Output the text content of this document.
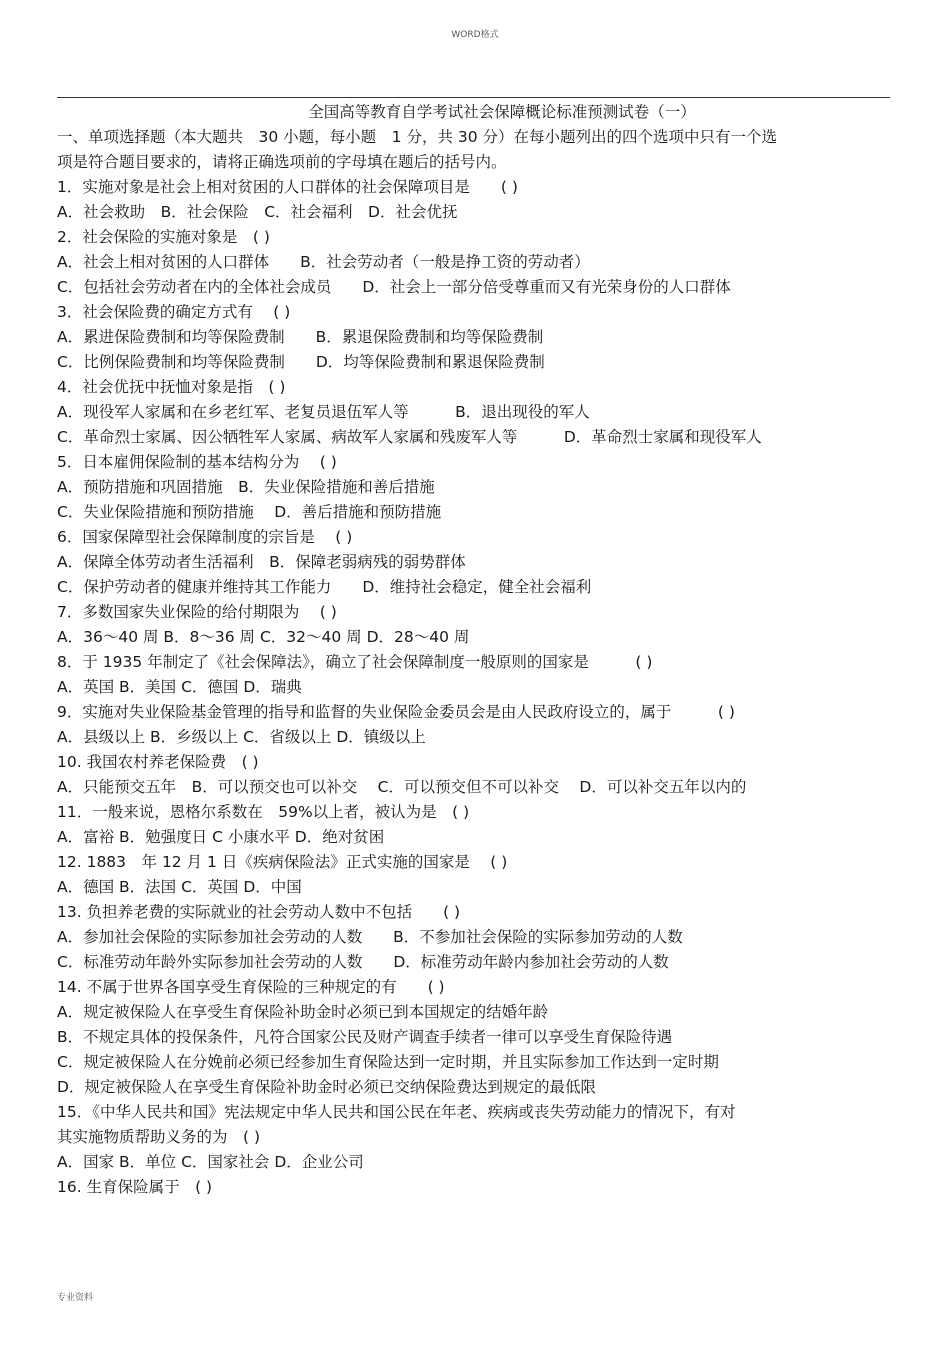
WORD格式
全国高等教育自学考试社会保障概论标准预测试卷（一）
一、单项选择题（本大题共　30 小题，每小题　1 分，共 30 分）在每小题列出的四个选项中只有一个选
项是符合题目要求的，请将正确选项前的字母填在题后的括号内。
1．实施对象是社会上相对贫困的人口群体的社会保障项目是　　( )
A．社会救助　B．社会保险　C．社会福利　D．社会优抚
2．社会保险的实施对象是　( )
A．社会上相对贫困的人口群体　　B．社会劳动者（一般是挣工资的劳动者）
C．包括社会劳动者在内的全体社会成员　　D．社会上一部分倍受尊重而又有光荣身份的人口群体
3．社会保险费的确定方式有　 ( )
A．累进保险费制和均等保险费制　　B．累退保险费制和均等保险费制
C．比例保险费制和均等保险费制　　D．均等保险费制和累退保险费制
4．社会优抚中抚恤对象是指　( )
A．现役军人家属和在乡老红军、老复员退伍军人等　　　B．退出现役的军人
C．革命烈士家属、因公牺牲军人家属、病故军人家属和残废军人等　　　D．革命烈士家属和现役军人
5．日本雇佣保险制的基本结构分为　 ( )
A．预防措施和巩固措施　B．失业保险措施和善后措施
C．失业保险措施和预防措施　 D．善后措施和预防措施
6．国家保障型社会保障制度的宗旨是　 ( )
A．保障全体劳动者生活福利　B．保障老弱病残的弱势群体
C．保护劳动者的健康并维持其工作能力　　D．维持社会稳定，健全社会福利
7．多数国家失业保险的给付期限为　 ( )
A．36～40 周 B．8～36 周 C．32～40 周 D．28～40 周
8．于 1935 年制定了《社会保障法》，确立了社会保障制度一般原则的国家是　　　( )
A．英国 B．美国 C．德国 D．瑞典
9．实施对失业保险基金管理的指导和监督的失业保险金委员会是由人民政府设立的，属于　　　( )
A．县级以上 B．乡级以上 C．省级以上 D．镇级以上
10. 我国农村养老保险费　( )
A．只能预交五年　B．可以预交也可以补交　 C．可以预交但不可以补交　 D．可以补交五年以内的
11．一般来说，恩格尔系数在　59%以上者，被认为是　( )
A．富裕 B．勉强度日 C 小康水平 D．绝对贫困
12. 1883　年 12 月 1 日《疾病保险法》正式实施的国家是　 ( )
A．德国 B．法国 C．英国 D．中国
13. 负担养老费的实际就业的社会劳动人数中不包括　　( )
A．参加社会保险的实际参加社会劳动的人数　　B．不参加社会保险的实际参加劳动的人数
C．标准劳动年龄外实际参加社会劳动的人数　　D．标准劳动年龄内参加社会劳动的人数
14. 不属于世界各国享受生育保险的三种规定的有　　( )
A．规定被保险人在享受生育保险补助金时必须已到本国规定的结婚年龄
B．不规定具体的投保条件，凡符合国家公民及财产调查手续者一律可以享受生育保险待遇
C．规定被保险人在分娩前必须已经参加生育保险达到一定时期，并且实际参加工作达到一定时期
D．规定被保险人在享受生育保险补助金时必须已交纳保险费达到规定的最低限
15．《中华人民共和国》宪法规定中华人民共和国公民在年老、疾病或丧失劳动能力的情况下，有对
其实施物质帮助义务的为　( )
A．国家 B．单位 C．国家社会 D．企业公司
16. 生育保险属于　( )
专业资料
